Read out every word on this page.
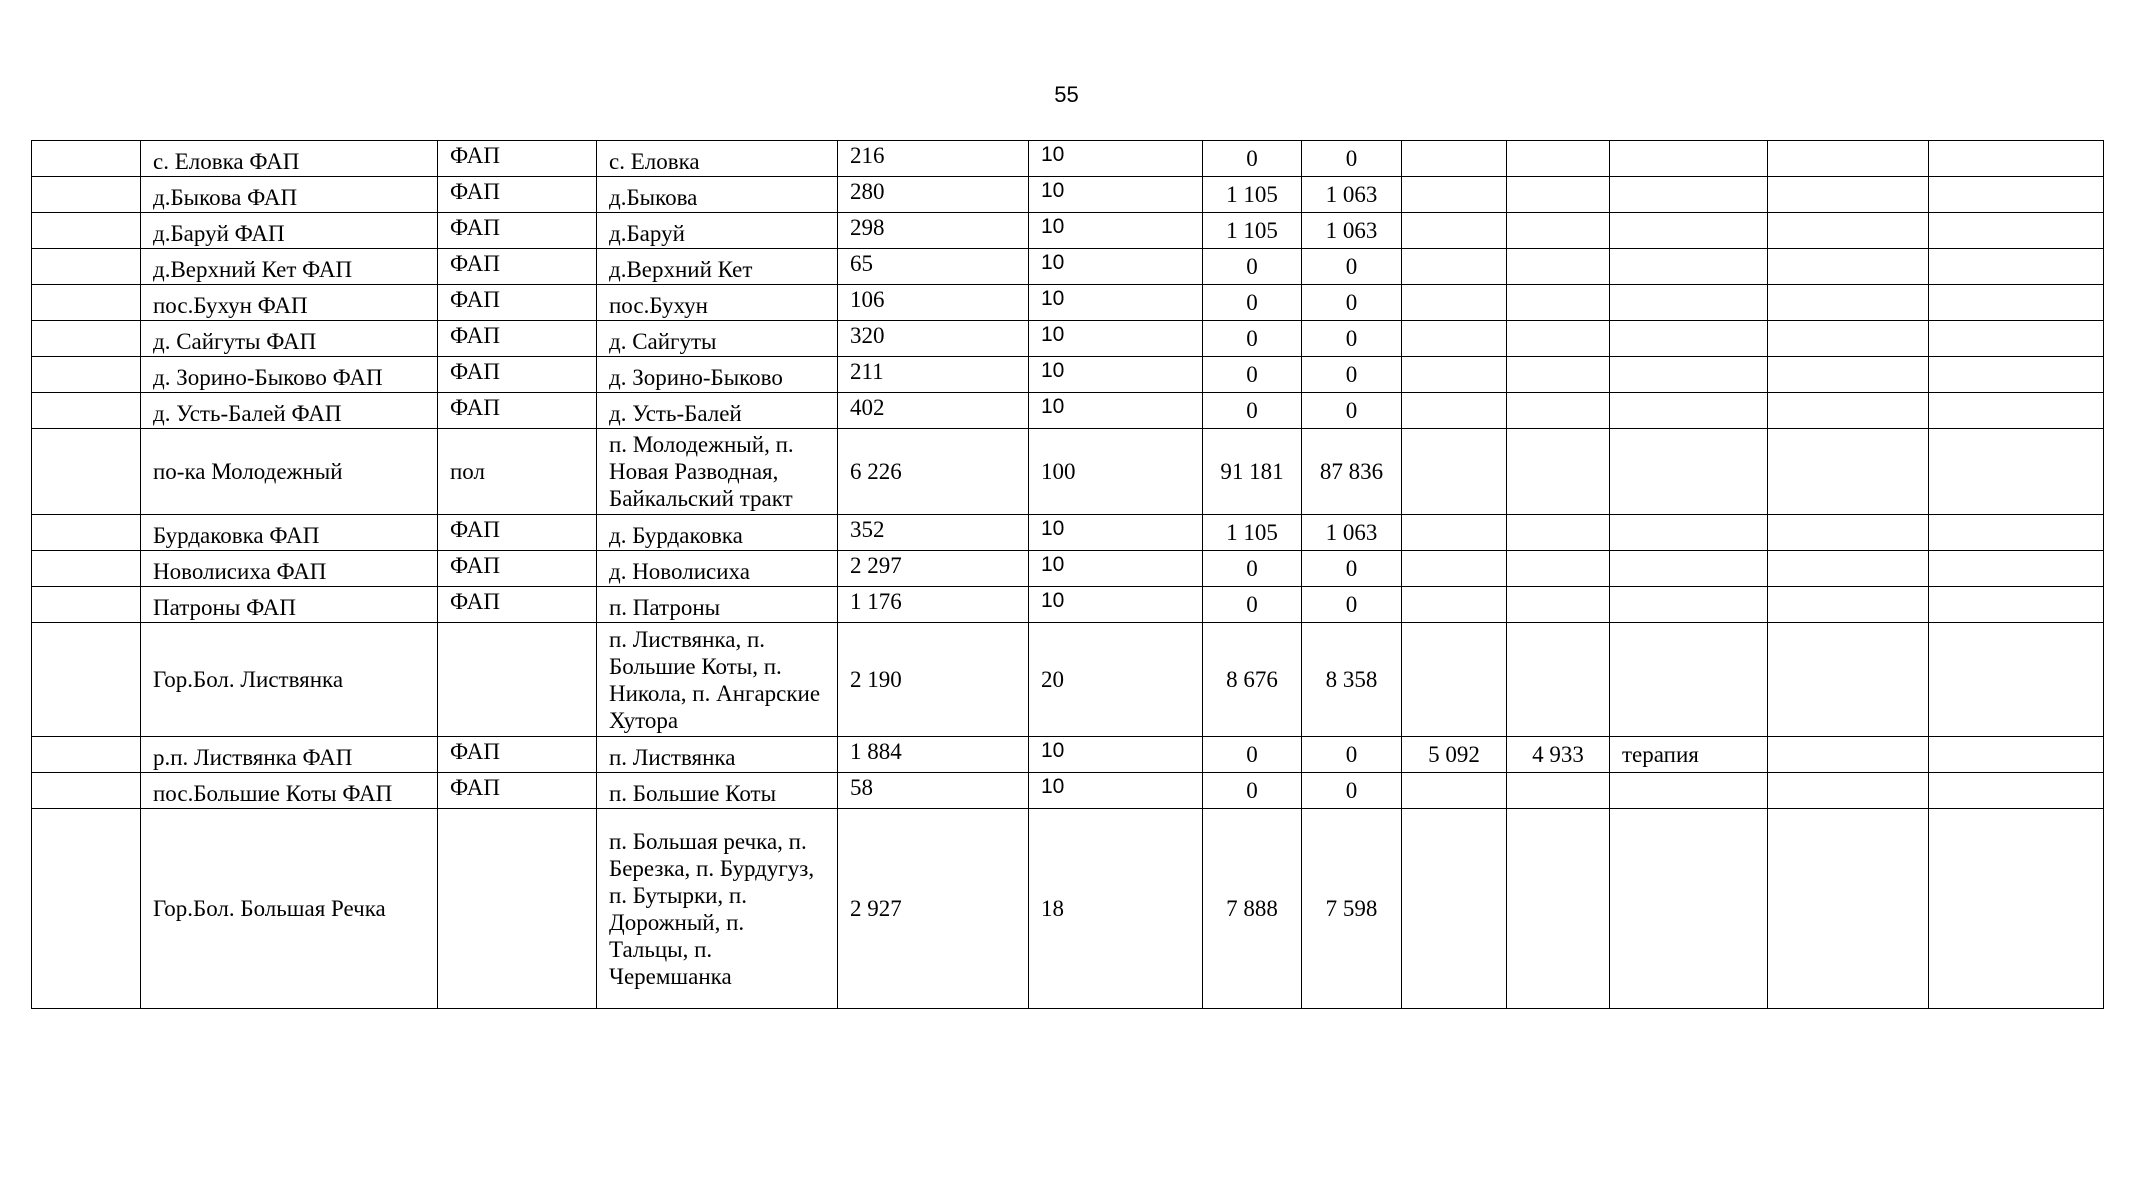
55
	с. Еловка ФАП	ФАП	с. Еловка	216	10	0	0					
	д.Быкова ФАП	ФАП	д.Быкова	280	10	1 105	1 063					
	д.Баруй ФАП	ФАП	д.Баруй	298	10	1 105	1 063					
	д.Верхний Кет ФАП	ФАП	д.Верхний Кет	65	10	0	0					
	пос.Бухун ФАП	ФАП	пос.Бухун	106	10	0	0					
	д. Сайгуты ФАП	ФАП	д. Сайгуты	320	10	0	0					
	д. Зорино-Быково ФАП	ФАП	д. Зорино-Быково	211	10	0	0					
	д. Усть-Балей ФАП	ФАП	д. Усть-Балей	402	10	0	0					
	по-ка Молодежный	пол	п. Молодежный, п. Новая Разводная, Байкальский тракт	6 226	100	91 181	87 836					
	Бурдаковка ФАП	ФАП	д. Бурдаковка	352	10	1 105	1 063					
	Новолисиха ФАП	ФАП	д. Новолисиха	2 297	10	0	0					
	Патроны ФАП	ФАП	п. Патроны	1 176	10	0	0					
	Гор.Бол. Листвянка		п. Листвянка, п. Большие Коты, п. Никола, п. Ангарские Хутора	2 190	20	8 676	8 358					
	р.п. Листвянка ФАП	ФАП	п. Листвянка	1 884	10	0	0	5 092	4 933	терапия		
	пос.Большие Коты ФАП	ФАП	п. Большие Коты	58	10	0	0					
	Гор.Бол. Большая Речка		п. Большая речка, п. Березка, п. Бурдугуз, п. Бутырки, п. Дорожный, п. Тальцы, п. Черемшанка	2 927	18	7 888	7 598					
